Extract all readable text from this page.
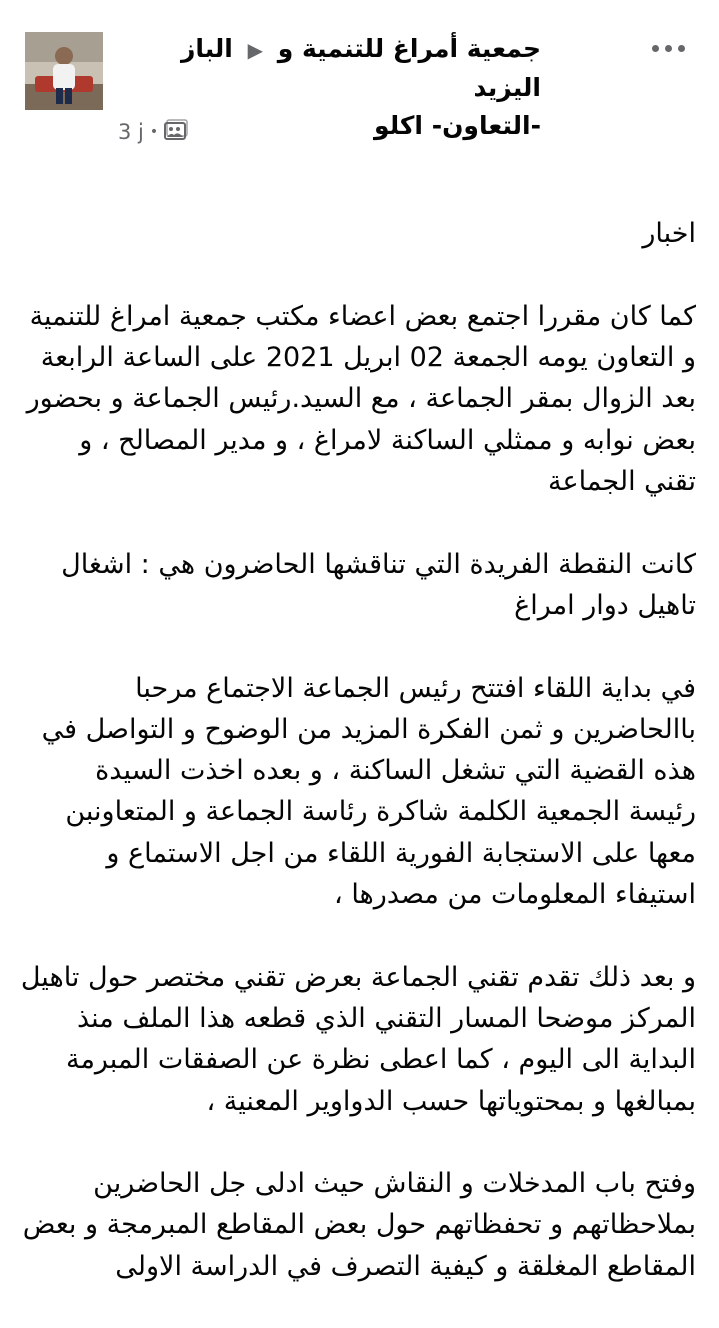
جمعية أمراغ للتنمية و ▶ الباز اليزيد
-التعاون- اكلو
3 j •

اخبار

كما كان مقررا اجتمع بعض اعضاء مكتب جمعية امراغ للتنمية و التعاون يومه الجمعة 02 ابريل 2021 على الساعة الرابعة بعد الزوال بمقر الجماعة ، مع السيد.رئيس الجماعة و بحضور بعض نوابه و ممثلي الساكنة لامراغ ، و مدير المصالح ، و تقني الجماعة

كانت النقطة الفريدة التي تناقشها الحاضرون هي : اشغال تاهيل دوار امراغ

في بداية اللقاء افتتح رئيس الجماعة الاجتماع مرحبا باالحاضرين و ثمن الفكرة المزيد من الوضوح و التواصل في هذه القضية التي تشغل الساكنة ، و بعده اخذت السيدة رئيسة الجمعية الكلمة شاكرة رئاسة الجماعة و المتعاونبن معها على الاستجابة الفورية اللقاء من اجل الاستماع و استيفاء المعلومات من مصدرها ،

و بعد ذلك تقدم تقني الجماعة بعرض تقني مختصر حول تاهيل المركز موضحا المسار التقني الذي قطعه هذا الملف منذ البداية الى اليوم ، كما اعطى نظرة عن الصفقات المبرمة بمبالغها و بمحتوياتها حسب الدواوير المعنية ،

وفتح باب المدخلات و النقاش حيث ادلى جل الحاضرين بملاحظاتهم و تحفظاتهم حول بعض المقاطع المبرمجة و بعض المقاطع المغلقة و كيفية التصرف في الدراسة الاولى
